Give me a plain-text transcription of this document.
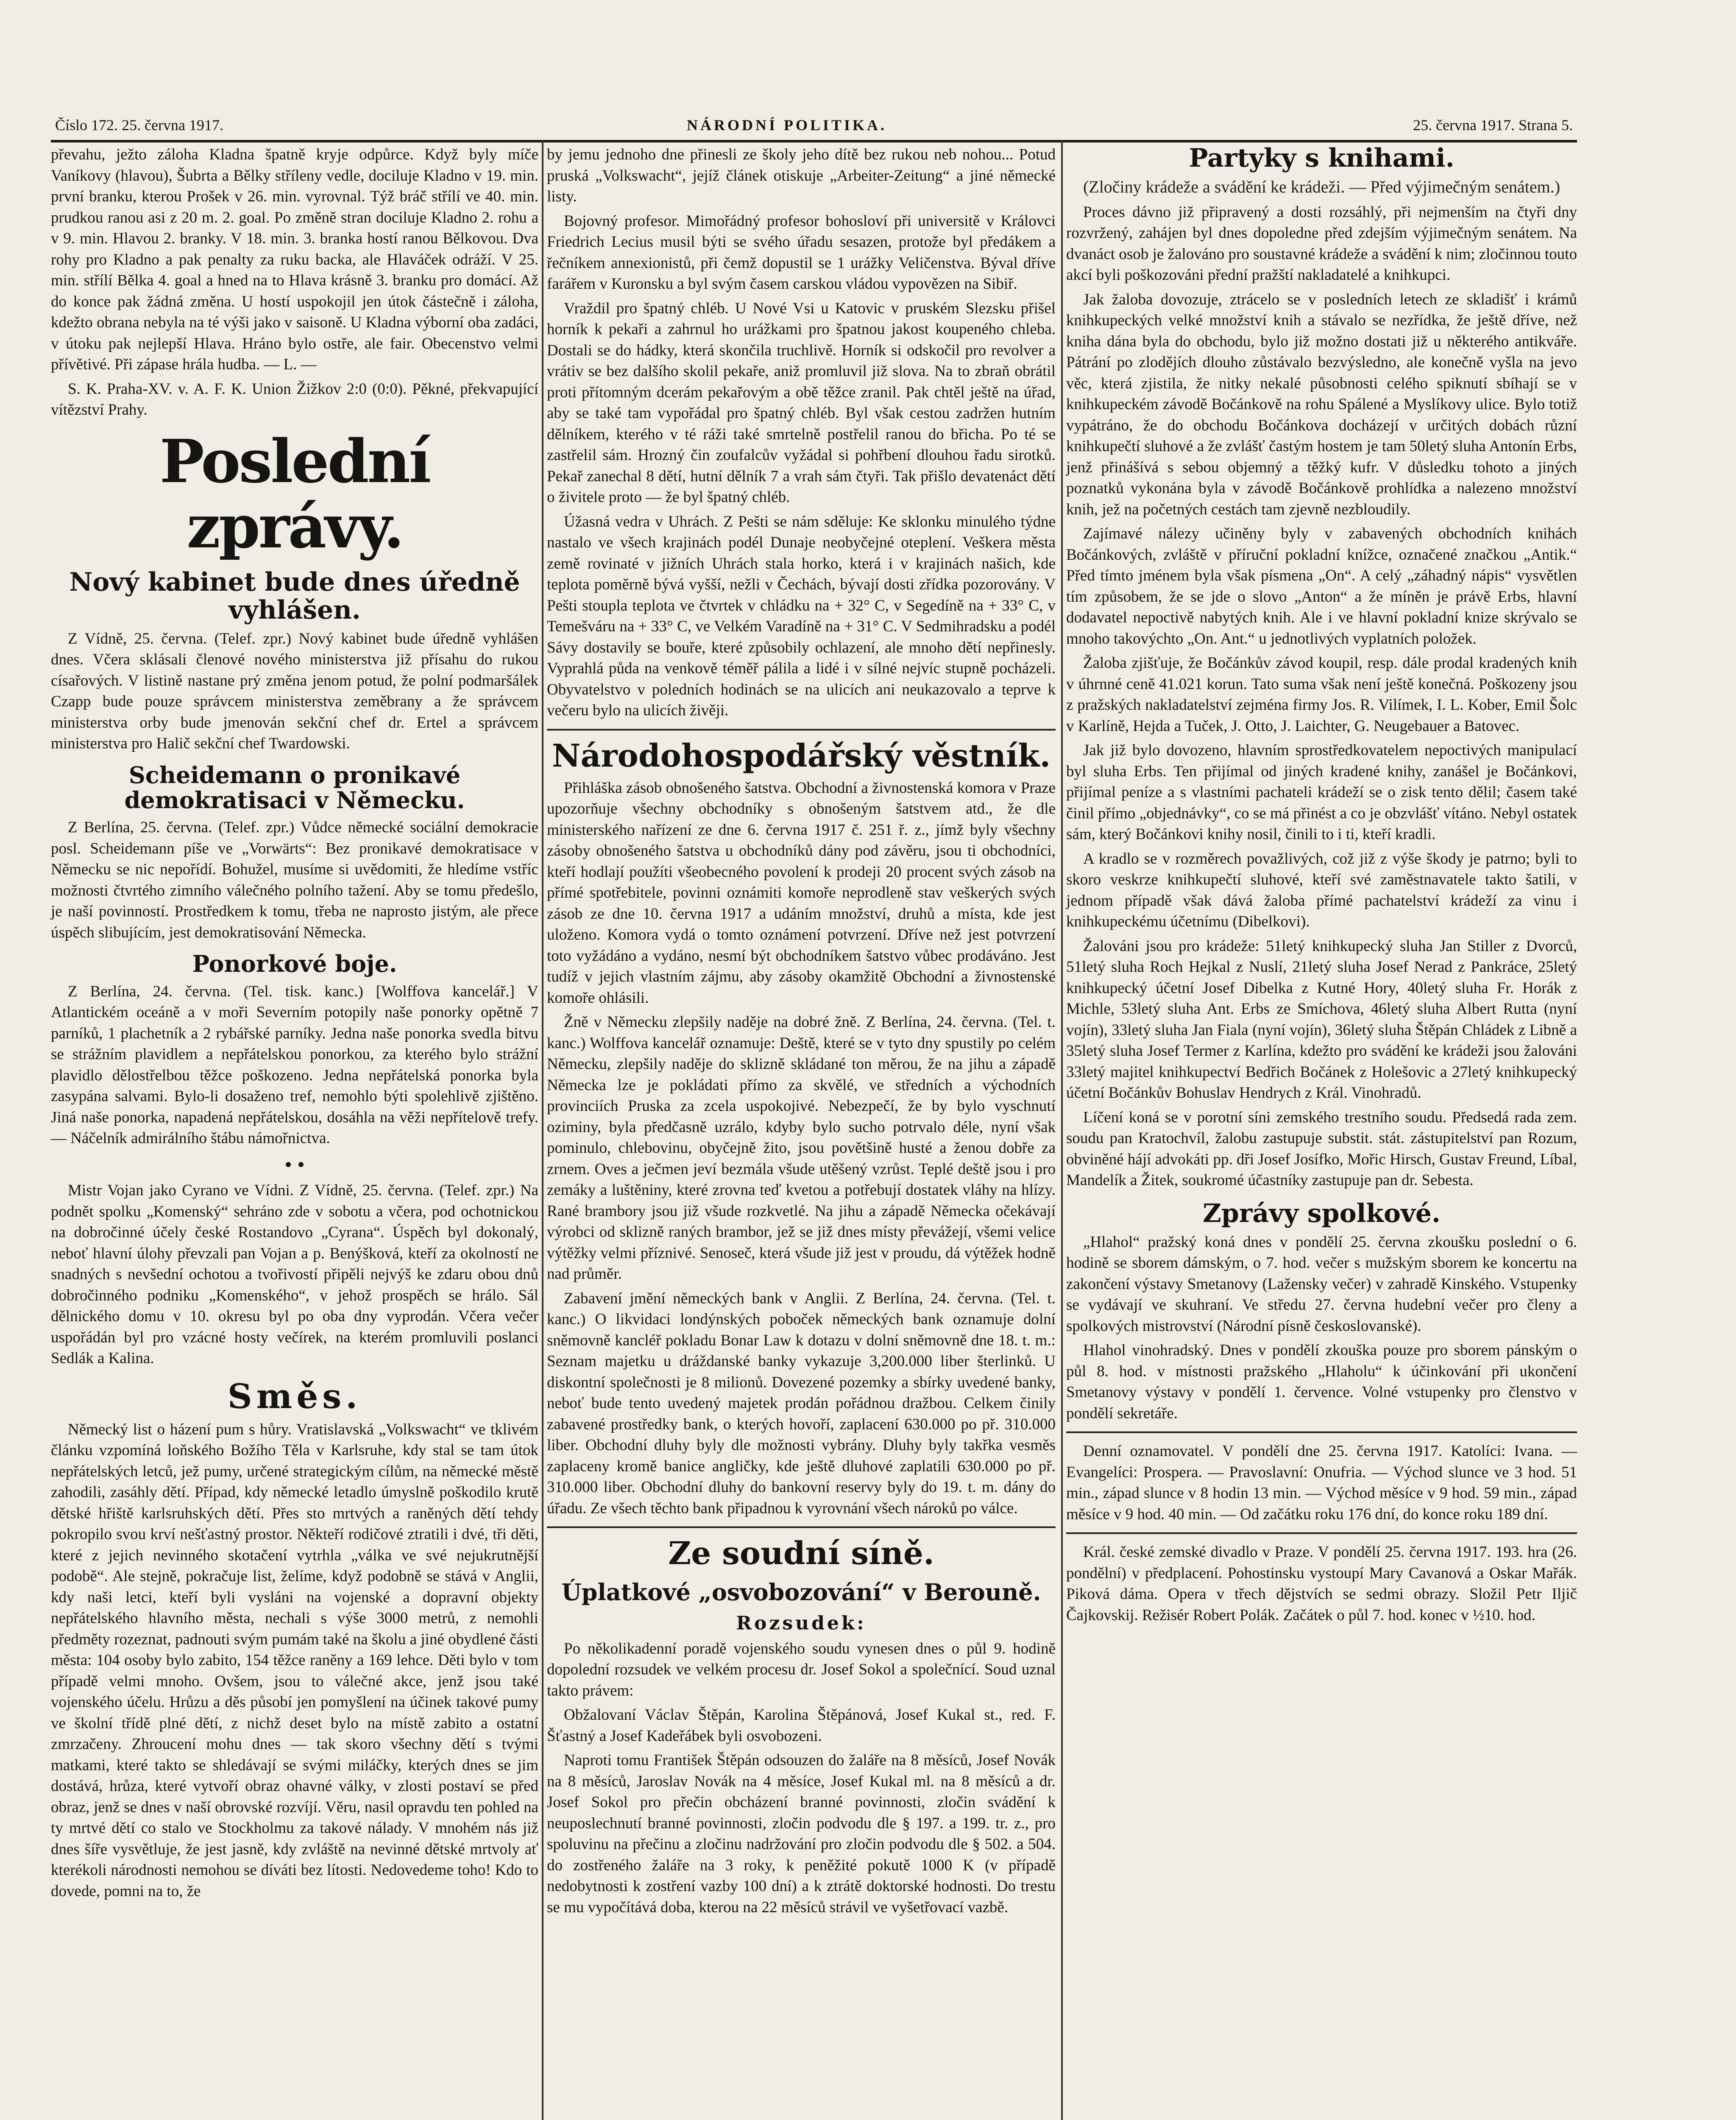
Číslo 172. 25. června 1917.	NÁRODNÍ POLITIKA.	25. června 1917. Strana 5.

převahu, ježto záloha Kladna špatně kryje odpůrce. Když byly míče Vaníkovy (hlavou), Šubrta a Bělky stříleny vedle, dociluje Kladno v 19. min. první branku, kterou Prošek v 26. min. vyrovnal. Týž bráč střílí ve 40. min. prudkou ranou asi z 20 m. 2. goal. Po změně stran dociluje Kladno 2. rohu a v 9. min. Hlavou 2. branky. V 18. min. 3. branka hostí ranou Bělkovou. Dva rohy pro Kladno a pak penalty za ruku backa, ale Hlaváček odráží. V 25. min. střílí Bělka 4. goal a hned na to Hlava krásně 3. branku pro domácí. Až do konce pak žádná změna. U hostí uspokojil jen útok částečně i záloha, kdežto obrana nebyla na té výši jako v saisoně. U Kladna výborní oba zadáci, v útoku pak nejlepší Hlava. Hráno bylo ostře, ale fair. Obecenstvo velmi přívětivé. Při zápase hrála hudba. — L. —

S. K. Praha-XV. v. A. F. K. Union Žižkov 2:0 (0:0). Pěkné, překvapující vítězství Prahy.

Poslední zprávy.
Nový kabinet bude dnes úředně vyhlášen.

Z Vídně, 25. června. (Telef. zpr.) Nový kabinet bude úředně vyhlášen dnes. Včera sklásali členové nového ministerstva již přísahu do rukou císařových. V listině nastane prý změna jenom potud, že polní podmaršálek Czapp bude pouze správcem ministerstva zeměbrany a že správcem ministerstva orby bude jmenován sekční chef dr. Ertel a správcem ministerstva pro Halič sekční chef Twardowski.

Scheidemann o pronikavé demokratisaci v Německu.

Z Berlína, 25. června. (Telef. zpr.) Vůdce německé sociální demokracie posl. Scheidemann píše ve „Vorwärts“: Bez pronikavé demokratisace v Německu se nic nepořídí. Bohužel, musíme si uvědomiti, že hledíme vstříc možnosti čtvrtého zimního válečného polního tažení. Aby se tomu předešlo, je naší povinností. Prostředkem k tomu, třeba ne naprosto jistým, ale přece úspěch slibujícím, jest demokratisování Německa.

Ponorkové boje.

Z Berlína, 24. června. (Tel. tisk. kanc.) [Wolffova kancelář.] V Atlantickém oceáně a v moři Severním potopily naše ponorky opětně 7 parníků, 1 plachetník a 2 rybářské parníky. Jedna naše ponorka svedla bitvu se strážním plavidlem a nepřátelskou ponorkou, za kterého bylo strážní plavidlo dělostřelbou těžce poškozeno. Jedna nepřátelská ponorka byla zasypána salvami. Bylo-li dosaženo tref, nemohlo býti spolehlivě zjištěno. Jiná naše ponorka, napadená nepřátelskou, dosáhla na věži nepřítelově trefy. — Náčelník admirálního štábu námořnictva.

• •

Mistr Vojan jako Cyrano ve Vídni. Z Vídně, 25. června. (Telef. zpr.) Na podnět spolku „Komenský“ sehráno zde v sobotu a včera, pod ochotnickou na dobročinné účely české Rostandovo „Cyrana“. Úspěch byl dokonalý, neboť hlavní úlohy převzali pan Vojan a p. Benýšková, kteří za okolností ne snadných s nevšední ochotou a tvořivostí připěli nejvýš ke zdaru obou dnů dobročinného podniku „Komenského“, v jehož prospěch se hrálo. Sál dělnického domu v 10. okresu byl po oba dny vyprodán. Včera večer uspořádán byl pro vzácné hosty večírek, na kterém promluvili poslanci Sedlák a Kalina.

Směs.

Německý list o házení pum s hůry. Vratislavská „Volkswacht“ ve tklivém článku vzpomíná loňského Božího Těla v Karlsruhe, kdy stal se tam útok nepřátelských letců, jež pumy, určené strategickým cílům, na německé městě zahodili, zasáhly dětí. Případ, kdy německé letadlo úmyslně poškodilo krutě dětské hřiště karlsruhských dětí. Přes sto mrtvých a raněných dětí tehdy pokropilo svou krví nešťastný prostor. Někteří rodičové ztratili i dvé, tři děti, které z jejich nevinného skotačení vytrhla „válka ve své nejukrutnější podobě“. Ale stejně, pokračuje list, želíme, když podobně se stává v Anglii, kdy naši letci, kteří byli vysláni na vojenské a dopravní objekty nepřátelského hlavního města, nechali s výše 3000 metrů, z nemohli předměty rozeznat, padnouti svým pumám také na školu a jiné obydlené části města: 104 osoby bylo zabito, 154 těžce raněny a 169 lehce. Děti bylo v tom případě velmi mnoho. Ovšem, jsou to válečné akce, jenž jsou také vojenského účelu. Hrůzu a děs působí jen pomyšlení na účinek takové pumy ve školní třídě plné dětí, z nichž deset bylo na místě zabito a ostatní zmrzačeny. Zhroucení mohu dnes — tak skoro všechny dětí s tvými matkami, které takto se shledávají se svými miláčky, kterých dnes se jim dostává, hrůza, které vytvoří obraz ohavné války, v zlosti postaví se před obraz, jenž se dnes v naší obrovské rozvíjí. Věru, nasil opravdu ten pohled na ty mrtvé dětí co stalo ve Stockholmu za takové nálady. V mnohém nás již dnes šíře vysvětluje, že jest jasně, kdy zvláště na nevinné dětské mrtvoly ať kterékoli národnosti nemohou se díváti bez lítosti. Nedovedeme toho! Kdo to dovede, pomni na to, že

by jemu jednoho dne přinesli ze školy jeho dítě bez rukou neb nohou... Potud pruská „Volkswacht“, jejíž článek otiskuje „Arbeiter-Zeitung“ a jiné německé listy.

Bojovný profesor. Mimořádný profesor bohosloví při universitě v Královci Friedrich Lecius musil býti se svého úřadu sesazen, protože byl předákem a řečníkem annexionistů, při čemž dopustil se 1 urážky Veličenstva. Býval dříve farářem v Kuronsku a byl svým časem carskou vládou vypovězen na Sibiř.

Vraždil pro špatný chléb. U Nové Vsi u Katovic v pruském Slezsku přišel horník k pekaři a zahrnul ho urážkami pro špatnou jakost koupeného chleba. Dostali se do hádky, která skončila truchlivě. Horník si odskočil pro revolver a vrátiv se bez dalšího skolil pekaře, aniž promluvil již slova. Na to zbraň obrátil proti přítomným dcerám pekařovým a obě těžce zranil. Pak chtěl ještě na úřad, aby se také tam vypořádal pro špatný chléb. Byl však cestou zadržen hutním dělníkem, kterého v té ráži také smrtelně postřelil ranou do břicha. Po té se zastřelil sám. Hrozný čin zoufalcův vyžádal si pohřbení dlouhou řadu sirotků. Pekař zanechal 8 dětí, hutní dělník 7 a vrah sám čtyři. Tak přišlo devatenáct dětí o živitele proto — že byl špatný chléb.

Úžasná vedra v Uhrách. Z Pešti se nám sděluje: Ke sklonku minulého týdne nastalo ve všech krajinách podél Dunaje neobyčejné oteplení. Veškera města země rovinaté v jižních Uhrách stala horko, která i v krajinách našich, kde teplota poměrně bývá vyšší, nežli v Čechách, bývají dosti zřídka pozorovány. V Pešti stoupla teplota ve čtvrtek v chládku na + 32° C, v Segedíně na + 33° C, v Temešváru na + 33° C, ve Velkém Varadíně na + 31° C. V Sedmihradsku a podél Sávy dostavily se bouře, které způsobily ochlazení, ale mnoho dětí nepřinesly. Vyprahlá půda na venkově téměř pálila a lidé i v sílné nejvíc stupně pocházeli. Obyvatelstvo v poledních hodinách se na ulicích ani neukazovalo a teprve k večeru bylo na ulicích živěji.

Národohospodářský věstník.

Přihláška zásob obnošeného šatstva. Obchodní a živnostenská komora v Praze upozorňuje všechny obchodníky s obnošeným šatstvem atd., že dle ministerského nařízení ze dne 6. června 1917 č. 251 ř. z., jímž byly všechny zásoby obnošeného šatstva u obchodníků dány pod závěru, jsou ti obchodníci, kteří hodlají použíti všeobecného povolení k prodeji 20 procent svých zásob na přímé spotřebitele, povinni oznámiti komoře neprodleně stav veškerých svých zásob ze dne 10. června 1917 a udáním množství, druhů a místa, kde jest uloženo. Komora vydá o tomto oznámení potvrzení. Dříve než jest potvrzení toto vyžádáno a vydáno, nesmí být obchodníkem šatstvo vůbec prodáváno. Jest tudíž v jejich vlastním zájmu, aby zásoby okamžitě Obchodní a živnostenské komoře ohlásili.

Žně v Německu zlepšily naděje na dobré žně. Z Berlína, 24. června. (Tel. t. kanc.) Wolffova kancelář oznamuje: Deště, které se v tyto dny spustily po celém Německu, zlepšily naděje do sklizně skládané ton měrou, že na jihu a západě Německa lze je pokládati přímo za skvělé, ve středních a východních provinciích Pruska za zcela uspokojivé. Nebezpečí, že by bylo vyschnutí oziminy, byla předčasně uzrálo, kdyby bylo sucho potrvalo déle, nyní však pominulo, chlebovinu, obyčejně žito, jsou povětšině husté a ženou dobře za zrnem. Oves a ječmen jeví bezmála všude utěšený vzrůst. Teplé deště jsou i pro zemáky a luštěniny, které zrovna teď kvetou a potřebují dostatek vláhy na hlízy. Rané brambory jsou již všude rozkvetlé. Na jihu a západě Německa očekávají výrobci od sklizně raných brambor, jež se již dnes místy převážejí, všemi velice výtěžky velmi příznivé. Senoseč, která všude již jest v proudu, dá výtěžek hodně nad průměr.

Zabavení jmění německých bank v Anglii. Z Berlína, 24. června. (Tel. t. kanc.) O likvidaci londýnských poboček německých bank oznamuje dolní sněmovně kancléř pokladu Bonar Law k dotazu v dolní sněmovně dne 18. t. m.: Seznam majetku u dráždanské banky vykazuje 3,200.000 liber šterlinků. U diskontní společnosti je 8 milionů. Dovezené pozemky a sbírky uvedené banky, neboť bude tento uvedený majetek prodán pořádnou dražbou. Celkem činily zabavené prostředky bank, o kterých hovoří, zaplacení 630.000 po př. 310.000 liber. Obchodní dluhy byly dle možnosti vybrány. Dluhy byly takřka vesměs zaplaceny kromě banice angličky, kde ještě dluhové zaplatili 630.000 po př. 310.000 liber. Obchodní dluhy do bankovní reservy byly do 19. t. m. dány do úřadu. Ze všech těchto bank připadnou k vyrovnání všech nároků po válce.

Ze soudní síně.
Úplatkové „osvobozování“ v Berouně.
Rozsudek:

Po několikadenní poradě vojenského soudu vynesen dnes o půl 9. hodině dopolední rozsudek ve velkém procesu dr. Josef Sokol a společnící. Soud uznal takto právem:

Obžalovaní Václav Štěpán, Karolina Štěpánová, Josef Kukal st., red. F. Šťastný a Josef Kadeřábek byli osvobozeni.

Naproti tomu František Štěpán odsouzen do žaláře na 8 měsíců, Josef Novák na 8 měsíců, Jaroslav Novák na 4 měsíce, Josef Kukal ml. na 8 měsíců a dr. Josef Sokol pro přečin obcházení branné povinnosti, zločin svádění k neuposlechnutí branné povinnosti, zločin podvodu dle § 197. a 199. tr. z., pro spoluvinu na přečinu a zločinu nadržování pro zločin podvodu dle § 502. a 504. do zostřeného žaláře na 3 roky, k peněžité pokutě 1000 K (v případě nedobytnosti k zostření vazby 100 dní) a k ztrátě doktorské hodnosti. Do trestu se mu vypočítává doba, kterou na 22 měsíců strávil ve vyšetřovací vazbě.

Partyky s knihami.
(Zločiny krádeže a svádění ke krádeži. — Před výjimečným senátem.)

Proces dávno již připravený a dosti rozsáhlý, při nejmenším na čtyři dny rozvržený, zahájen byl dnes dopoledne před zdejším výjimečným senátem. Na dvanáct osob je žalováno pro soustavné krádeže a svádění k nim; zločinnou touto akcí byli poškozováni přední pražští nakladatelé a knihkupci.

Jak žaloba dovozuje, ztrácelo se v posledních letech ze skladišť i krámů knihkupeckých velké množství knih a stávalo se nezřídka, že ještě dříve, než kniha dána byla do obchodu, bylo již možno dostati již u některého antikváře. Pátrání po zlodějích dlouho zůstávalo bezvýsledno, ale konečně vyšla na jevo věc, která zjistila, že nitky nekalé působnosti celého spiknutí sbíhají se v knihkupeckém závodě Bočánkově na rohu Spálené a Myslíkovy ulice. Bylo totiž vypátráno, že do obchodu Bočánkova docházejí v určitých dobách různí knihkupečtí sluhové a že zvlášť častým hostem je tam 50letý sluha Antonín Erbs, jenž přinášívá s sebou objemný a těžký kufr. V důsledku tohoto a jiných poznatků vykonána byla v závodě Bočánkově prohlídka a nalezeno množství knih, jež na početných cestách tam zjevně nezbloudily.

Zajímavé nálezy učiněny byly v zabavených obchodních knihách Bočánkových, zvláště v příruční pokladní knížce, označené značkou „Antik.“ Před tímto jménem byla však písmena „On“. A celý „záhadný nápis“ vysvětlen tím způsobem, že se jde o slovo „Anton“ a že míněn je právě Erbs, hlavní dodavatel nepoctivě nabytých knih. Ale i ve hlavní pokladní knize skrývalo se mnoho takovýchto „On. Ant.“ u jednotlivých vyplatních položek.

Žaloba zjišťuje, že Bočánkův závod koupil, resp. dále prodal kradených knih v úhrnné ceně 41.021 korun. Tato suma však není ještě konečná. Poškozeny jsou z pražských nakladatelství zejména firmy Jos. R. Vilímek, I. L. Kober, Emil Šolc v Karlíně, Hejda a Tuček, J. Otto, J. Laichter, G. Neugebauer a Batovec.

Jak již bylo dovozeno, hlavním sprostředkovatelem nepoctivých manipulací byl sluha Erbs. Ten přijímal od jiných kradené knihy, zanášel je Bočánkovi, přijímal peníze a s vlastními pachateli krádeží se o zisk tento dělil; časem také činil přímo „objednávky“, co se má přinést a co je obzvlášť vítáno. Nebyl ostatek sám, který Bočánkovi knihy nosil, činili to i ti, kteří kradli.

A kradlo se v rozměrech považlivých, což již z výše škody je patrno; byli to skoro veskrze knihkupečtí sluhové, kteří své zaměstnavatele takto šatili, v jednom případě však dává žaloba přímé pachatelství krádeží za vinu i knihkupeckému účetnímu (Dibelkovi).

Žalováni jsou pro krádeže: 51letý knihkupecký sluha Jan Stiller z Dvorců, 51letý sluha Roch Hejkal z Nuslí, 21letý sluha Josef Nerad z Pankráce, 25letý knihkupecký účetní Josef Dibelka z Kutné Hory, 40letý sluha Fr. Horák z Michle, 53letý sluha Ant. Erbs ze Smíchova, 46letý sluha Albert Rutta (nyní vojín), 33letý sluha Jan Fiala (nyní vojín), 36letý sluha Štěpán Chládek z Libně a 35letý sluha Josef Termer z Karlína, kdežto pro svádění ke krádeži jsou žalováni 33letý majitel knihkupectví Bedřich Bočánek z Holešovic a 27letý knihkupecký účetní Bočánkův Bohuslav Hendrych z Král. Vinohradů.

Líčení koná se v porotní síni zemského trestního soudu. Předsedá rada zem. soudu pan Kratochvíl, žalobu zastupuje substit. stát. zástupitelství pan Rozum, obviněné hájí advokáti pp. dři Josef Josífko, Mořic Hirsch, Gustav Freund, Líbal, Mandelík a Žitek, soukromé účastníky zastupuje pan dr. Sebesta.

Zprávy spolkové.

„Hlahol“ pražský koná dnes v pondělí 25. června zkoušku poslední o 6. hodině se sborem dámským, o 7. hod. večer s mužským sborem ke koncertu na zakončení výstavy Smetanovy (Lažensky večer) v zahradě Kinského. Vstupenky se vydávají ve skuhraní. Ve středu 27. června hudební večer pro členy a spolkových mistrovství (Národní písně českoslovanské).

Hlahol vinohradský. Dnes v pondělí zkouška pouze pro sborem pánským o půl 8. hod. v místnosti pražského „Hlaholu“ k účinkování při ukončení Smetanovy výstavy v pondělí 1. července. Volné vstupenky pro členstvo v pondělí sekretáře.

Denní oznamovatel. V pondělí dne 25. června 1917. Katolíci: Ivana. — Evangelíci: Prospera. — Pravoslavní: Onufria. — Východ slunce ve 3 hod. 51 min., západ slunce v 8 hodin 13 min. — Východ měsíce v 9 hod. 59 min., západ měsíce v 9 hod. 40 min. — Od začátku roku 176 dní, do konce roku 189 dní.

Král. české zemské divadlo v Praze. V pondělí 25. června 1917. 193. hra (26. pondělní) v předplacení. Pohostinsku vystoupí Mary Cavanová a Oskar Mařák. Piková dáma. Opera v třech dějstvích se sedmi obrazy. Složil Petr Iljič Čajkovskij. Režisér Robert Polák. Začátek o půl 7. hod. konec v ½10. hod.
